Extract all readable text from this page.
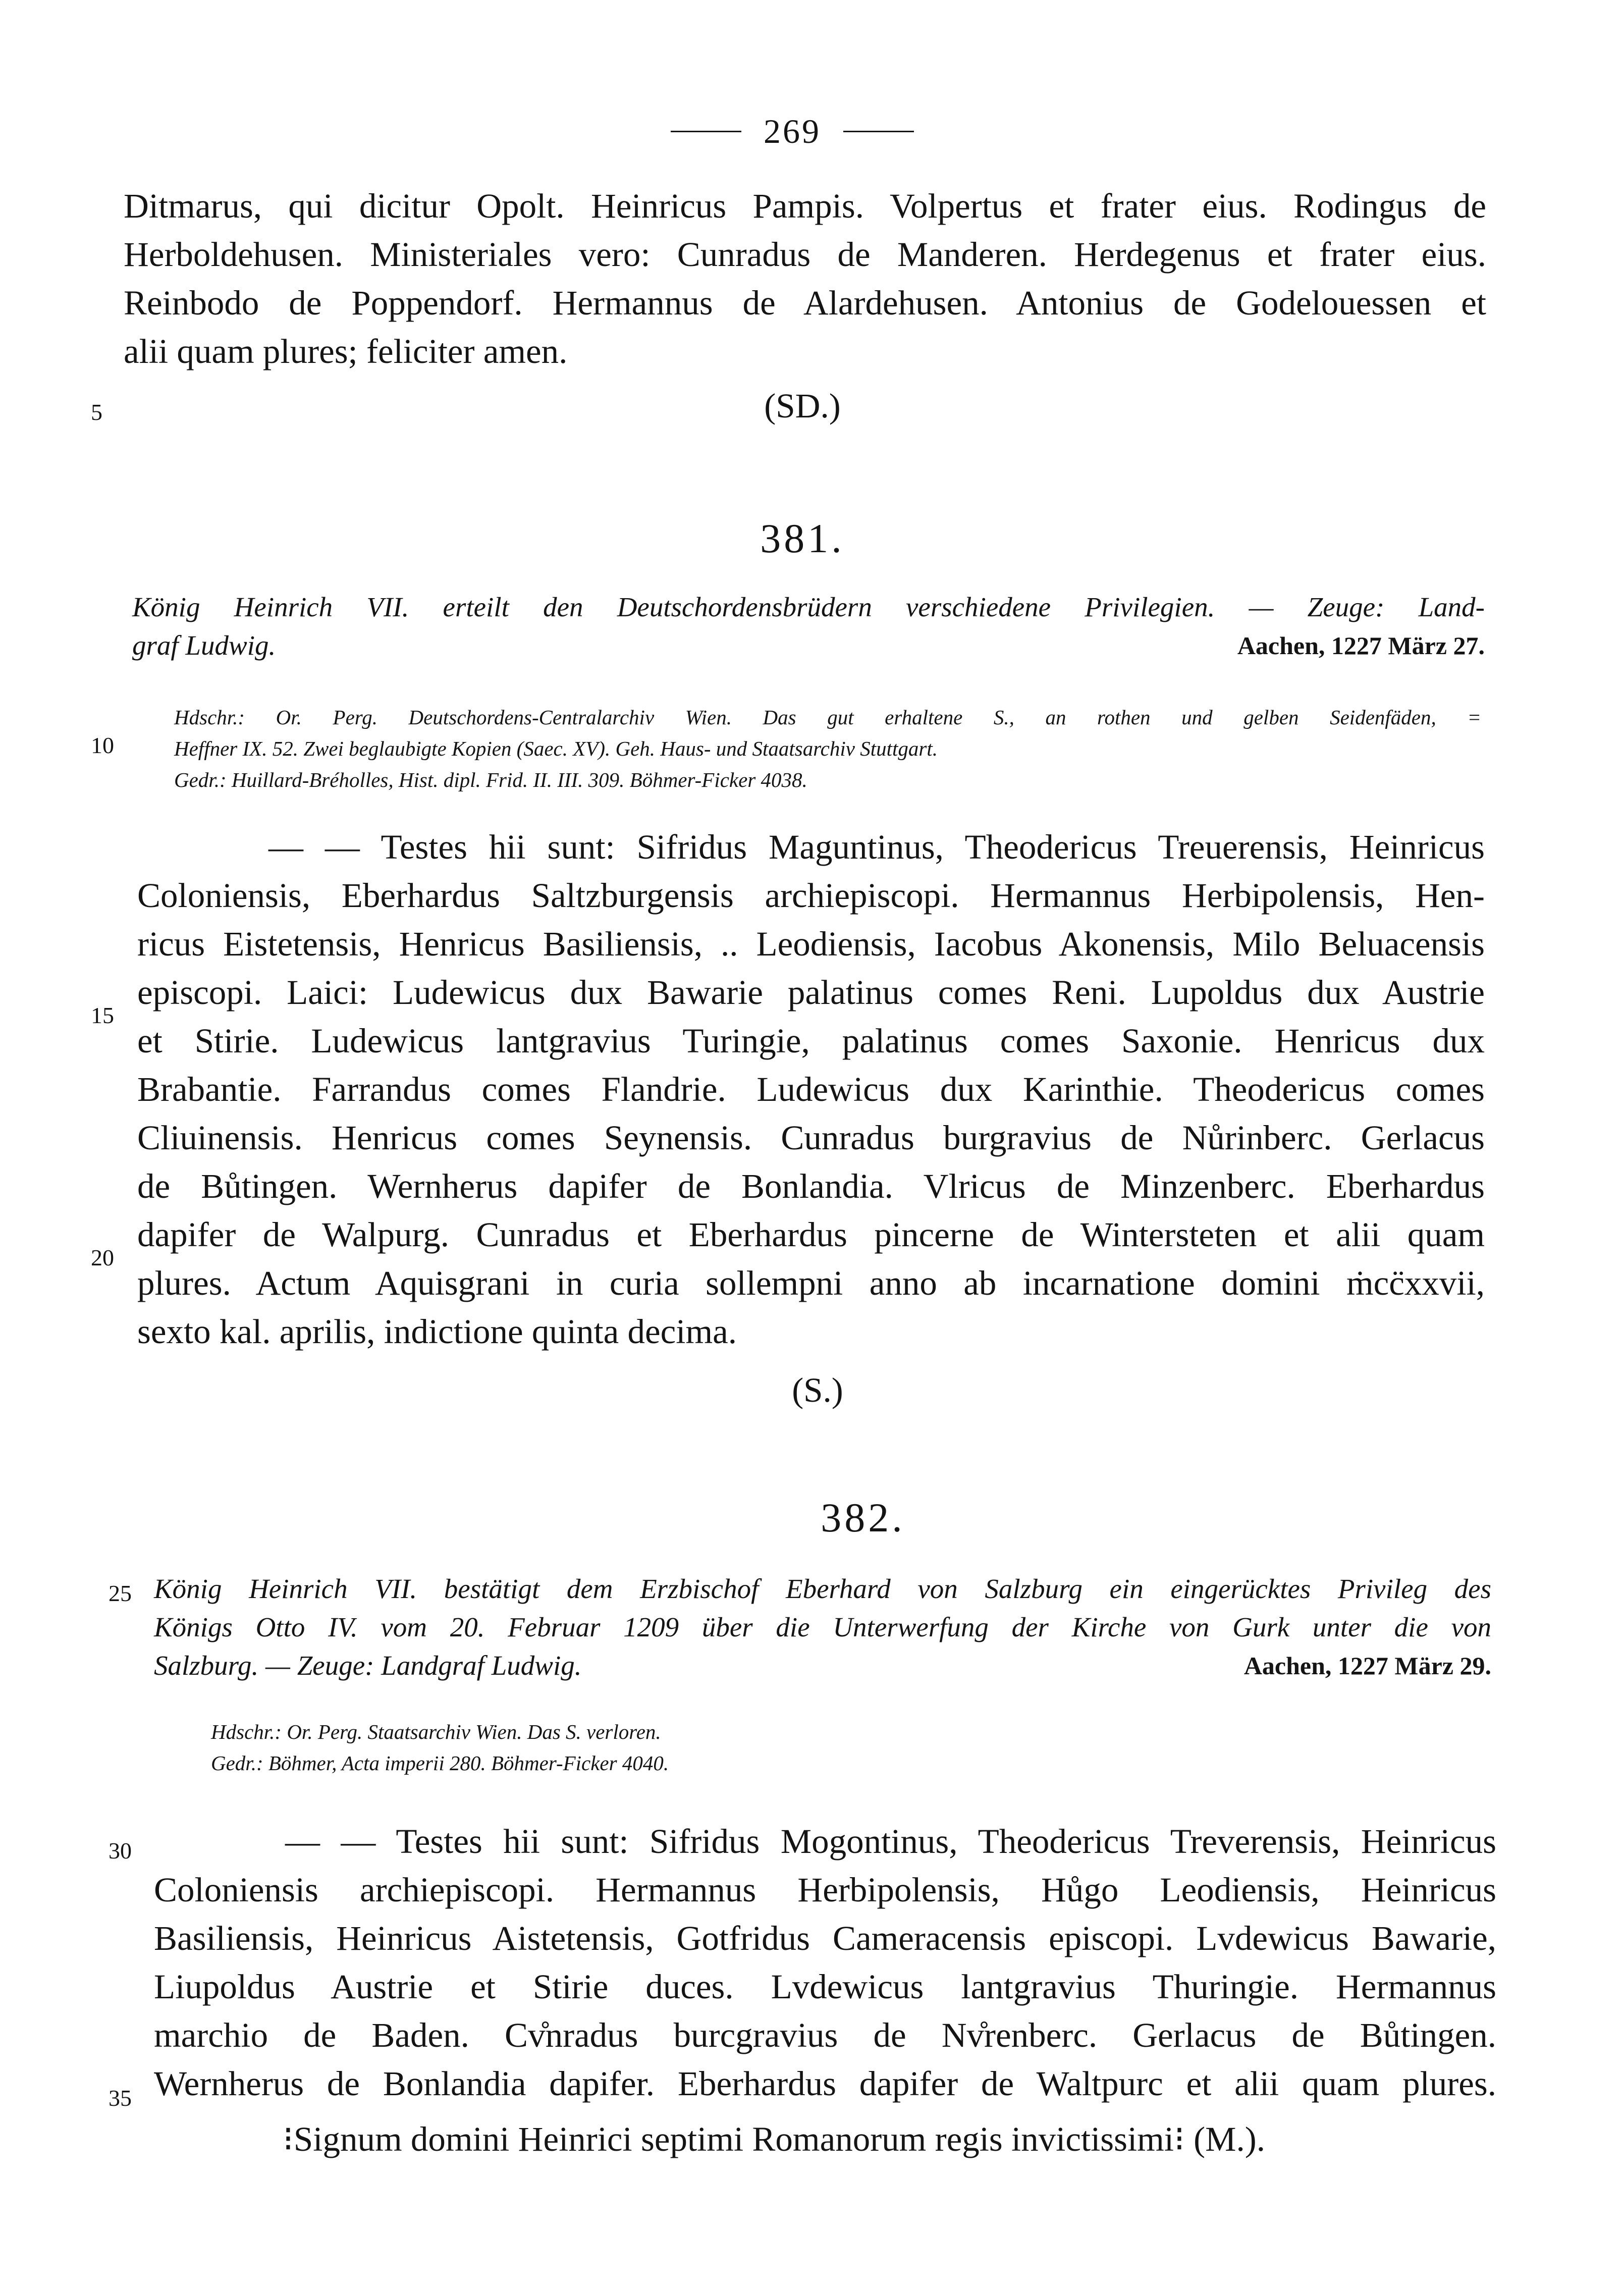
269
Ditmarus, qui dicitur Opolt. Heinricus Pampis. Volpertus et frater eius. Rodingus de
Herboldehusen. Ministeriales vero: Cunradus de Manderen. Herdegenus et frater eius.
Reinbodo de Poppendorf. Hermannus de Alardehusen. Antonius de Godelouessen et
alii quam plures; feliciter amen.
5	(SD.)
381.
König Heinrich VII. erteilt den Deutschordensbrüdern verschiedene Privilegien. — Zeuge: Land-
graf Ludwig.	Aachen, 1227 März 27.
Hdschr.: Or. Perg. Deutschordens-Centralarchiv Wien. Das gut erhaltene S., an rothen und gelben Seidenfäden, =
Heffner IX. 52. Zwei beglaubigte Kopien (Saec. XV). Geh. Haus- und Staatsarchiv Stuttgart.
Gedr.: Huillard-Bréholles, Hist. dipl. Frid. II. III. 309. Böhmer-Ficker 4038.
10
— — Testes hii sunt: Sifridus Maguntinus, Theodericus Treuerensis, Heinricus
Coloniensis, Eberhardus Saltzburgensis archiepiscopi. Hermannus Herbipolensis, Hen-
ricus Eistetensis, Henricus Basiliensis, .. Leodiensis, Iacobus Akonensis, Milo Beluacensis
episcopi. Laici: Ludewicus dux Bawarie palatinus comes Reni. Lupoldus dux Austrie
et Stirie. Ludewicus lantgravius Turingie, palatinus comes Saxonie. Henricus dux
Brabantie. Farrandus comes Flandrie. Ludewicus dux Karinthie. Theodericus comes
Cliuinensis. Henricus comes Seynensis. Cunradus burgravius de Nůrinberc. Gerlacus
de Bůtingen. Wernherus dapifer de Bonlandia. Vlricus de Minzenberc. Eberhardus
dapifer de Walpurg. Cunradus et Eberhardus pincerne de Wintersteten et alii quam
plures. Actum Aquisgrani in curia sollempni anno ab incarnatione domini ṁcc̈xxvii,
sexto kal. aprilis, indictione quinta decima.
15
20
(S.)
382.
König Heinrich VII. bestätigt dem Erzbischof Eberhard von Salzburg ein eingerücktes Privileg des
Königs Otto IV. vom 20. Februar 1209 über die Unterwerfung der Kirche von Gurk unter die von
Salzburg. — Zeuge: Landgraf Ludwig.	Aachen, 1227 März 29.
25
Hdschr.: Or. Perg. Staatsarchiv Wien. Das S. verloren.
Gedr.: Böhmer, Acta imperii 280. Böhmer-Ficker 4040.
— — Testes hii sunt: Sifridus Mogontinus, Theodericus Treverensis, Heinricus
Coloniensis archiepiscopi. Hermannus Herbipolensis, Hůgo Leodiensis, Heinricus
Basiliensis, Heinricus Aistetensis, Gotfridus Cameracensis episcopi. Lvdewicus Bawarie,
Liupoldus Austrie et Stirie duces. Lvdewicus lantgravius Thuringie. Hermannus
marchio de Baden. Cv̊nradus burcgravius de Nv̊renberc. Gerlacus de Bůtingen.
Wernherus de Bonlandia dapifer. Eberhardus dapifer de Waltpurc et alii quam plures.
30
35
⁝Signum domini Heinrici septimi Romanorum regis invictissimi⁝ (M.).
